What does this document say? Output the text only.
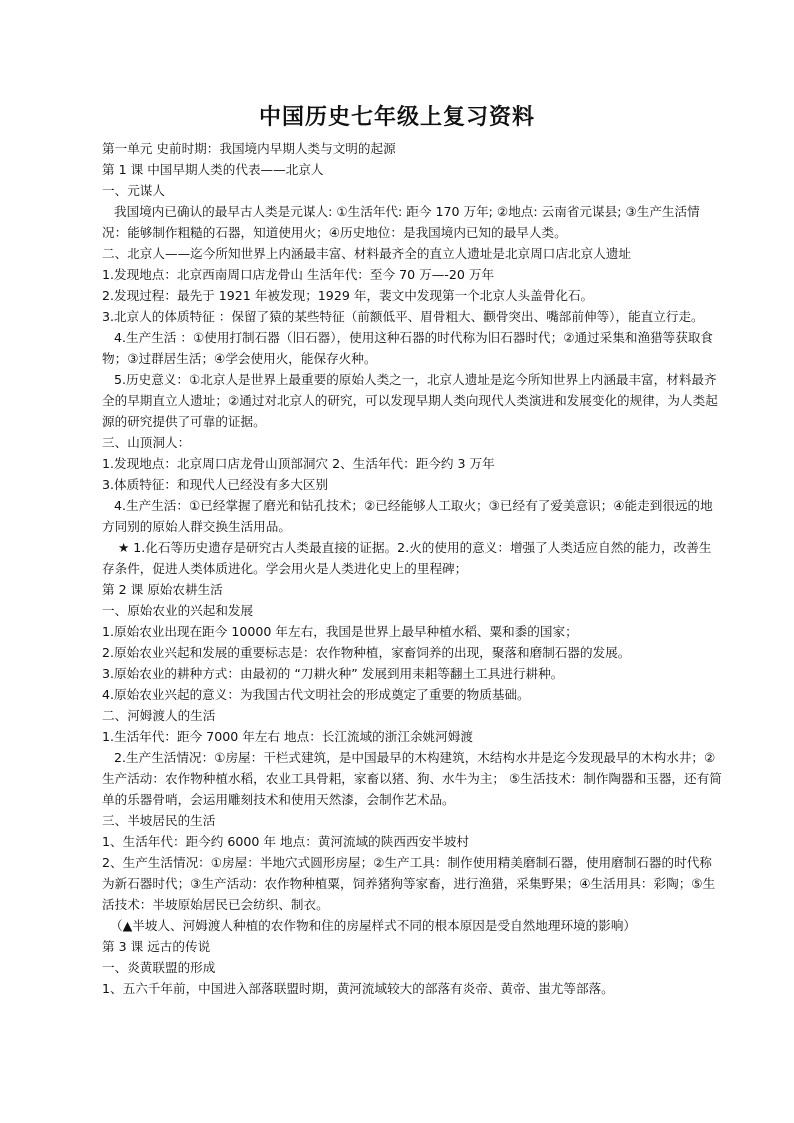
中国历史七年级上复习资料

第一单元 史前时期：我国境内早期人类与文明的起源

第 1 课 中国早期人类的代表——北京人

一、元谋人

我国境内已确认的最早古人类是元谋人: ①生活年代: 距今 170 万年; ②地点: 云南省元谋县; ③生产生活情况：能够制作粗糙的石器，知道使用火；④历史地位：是我国境内已知的最早人类。

二、北京人——迄今所知世界上内涵最丰富、材料最齐全的直立人遗址是北京周口店北京人遗址

1.发现地点：北京西南周口店龙骨山 生活年代：至今 70 万—-20 万年

2.发现过程：最先于 1921 年被发现；1929 年，裴文中发现第一个北京人头盖骨化石。

3.北京人的体质特征 ：保留了猿的某些特征（前额低平、眉骨粗大、颧骨突出、嘴部前伸等），能直立行走。

4.生产生活 ：①使用打制石器（旧石器），使用这种石器的时代称为旧石器时代；②通过采集和渔猎等获取食物；③过群居生活；④学会使用火，能保存火种。

5.历史意义：①北京人是世界上最重要的原始人类之一，北京人遗址是迄今所知世界上内涵最丰富，材料最齐全的早期直立人遗址；②通过对北京人的研究，可以发现早期人类向现代人类演进和发展变化的规律，为人类起源的研究提供了可靠的证据。

三、山顶洞人：

1.发现地点：北京周口店龙骨山顶部洞穴 2、生活年代：距今约 3 万年

3.体质特征：和现代人已经没有多大区别

4.生产生活：①已经掌握了磨光和钻孔技术；②已经能够人工取火；③已经有了爱美意识；④能走到很远的地方同别的原始人群交换生活用品。

★ 1.化石等历史遗存是研究古人类最直接的证据。2.火的使用的意义：增强了人类适应自然的能力，改善生存条件，促进人类体质进化。学会用火是人类进化史上的里程碑；

第 2 课 原始农耕生活

一、原始农业的兴起和发展

1.原始农业出现在距今 10000 年左右，我国是世界上最早种植水稻、粟和黍的国家；

2.原始农业兴起和发展的重要标志是：农作物种植，家畜饲养的出现，聚落和磨制石器的发展。

3.原始农业的耕种方式：由最初的 “刀耕火种” 发展到用耒耜等翻土工具进行耕种。

4.原始农业兴起的意义：为我国古代文明社会的形成奠定了重要的物质基础。

二、河姆渡人的生活

1.生活年代：距今 7000 年左右 地点：长江流域的浙江余姚河姆渡

2.生产生活情况：①房屋：干栏式建筑，是中国最早的木构建筑，木结构水井是迄今发现最早的木构水井；②生产活动：农作物种植水稻，农业工具骨耜，家畜以猪、狗、水牛为主； ⑤生活技术：制作陶器和玉器，还有简单的乐器骨哨，会运用雕刻技术和使用天然漆，会制作艺术品。

三、半坡居民的生活

1、生活年代：距今约 6000 年 地点：黄河流域的陕西西安半坡村

2、生产生活情况：①房屋：半地穴式圆形房屋；②生产工具：制作使用精美磨制石器，使用磨制石器的时代称为新石器时代；③生产活动：农作物种植粟，饲养猪狗等家畜，进行渔猎，采集野果；④生活用具：彩陶；⑤生活技术：半坡原始居民已会纺织、制衣。

（▲半坡人、河姆渡人种植的农作物和住的房屋样式不同的根本原因是受自然地理环境的影响）

第 3 课 远古的传说

一、炎黄联盟的形成

1、五六千年前，中国进入部落联盟时期，黄河流域较大的部落有炎帝、黄帝、蚩尤等部落。
